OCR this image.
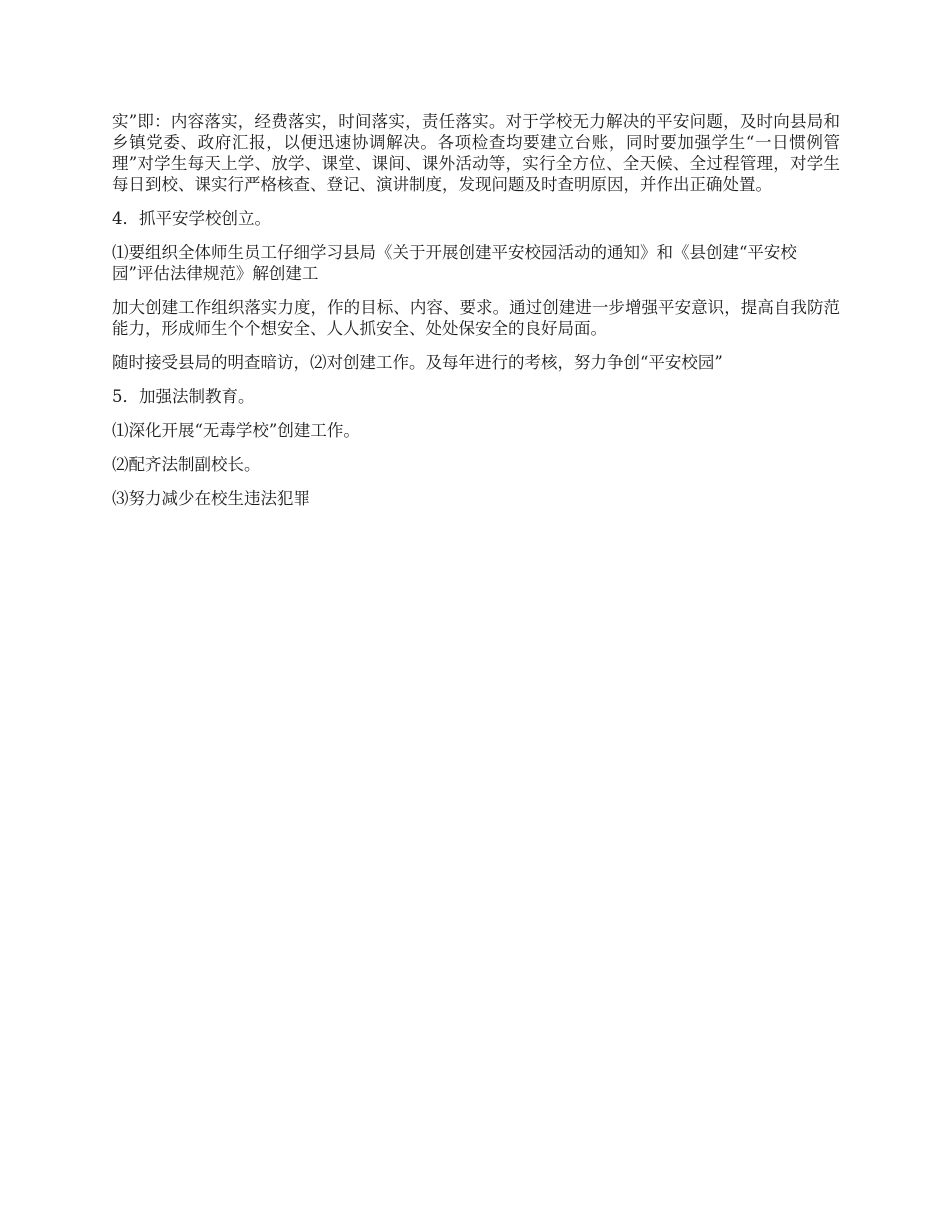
实”即：内容落实，经费落实，时间落实，责任落实。对于学校无力解决的平安问题，及时向县局和乡镇党委、政府汇报，以便迅速协调解决。各项检查均要建立台账，同时要加强学生“一日惯例管理”对学生每天上学、放学、课堂、课间、课外活动等，实行全方位、全天候、全过程管理，对学生每日到校、课实行严格核查、登记、演讲制度，发现问题及时查明原因，并作出正确处置。

4．抓平安学校创立。

⑴要组织全体师生员工仔细学习县局《关于开展创建平安校园活动的通知》和《县创建“平安校园”评估法律规范》解创建工

加大创建工作组织落实力度，作的目标、内容、要求。通过创建进一步增强平安意识，提高自我防范能力，形成师生个个想安全、人人抓安全、处处保安全的良好局面。

随时接受县局的明查暗访，⑵对创建工作。及每年进行的考核，努力争创“平安校园”

5．加强法制教育。

⑴深化开展“无毒学校”创建工作。

⑵配齐法制副校长。

⑶努力减少在校生违法犯罪
